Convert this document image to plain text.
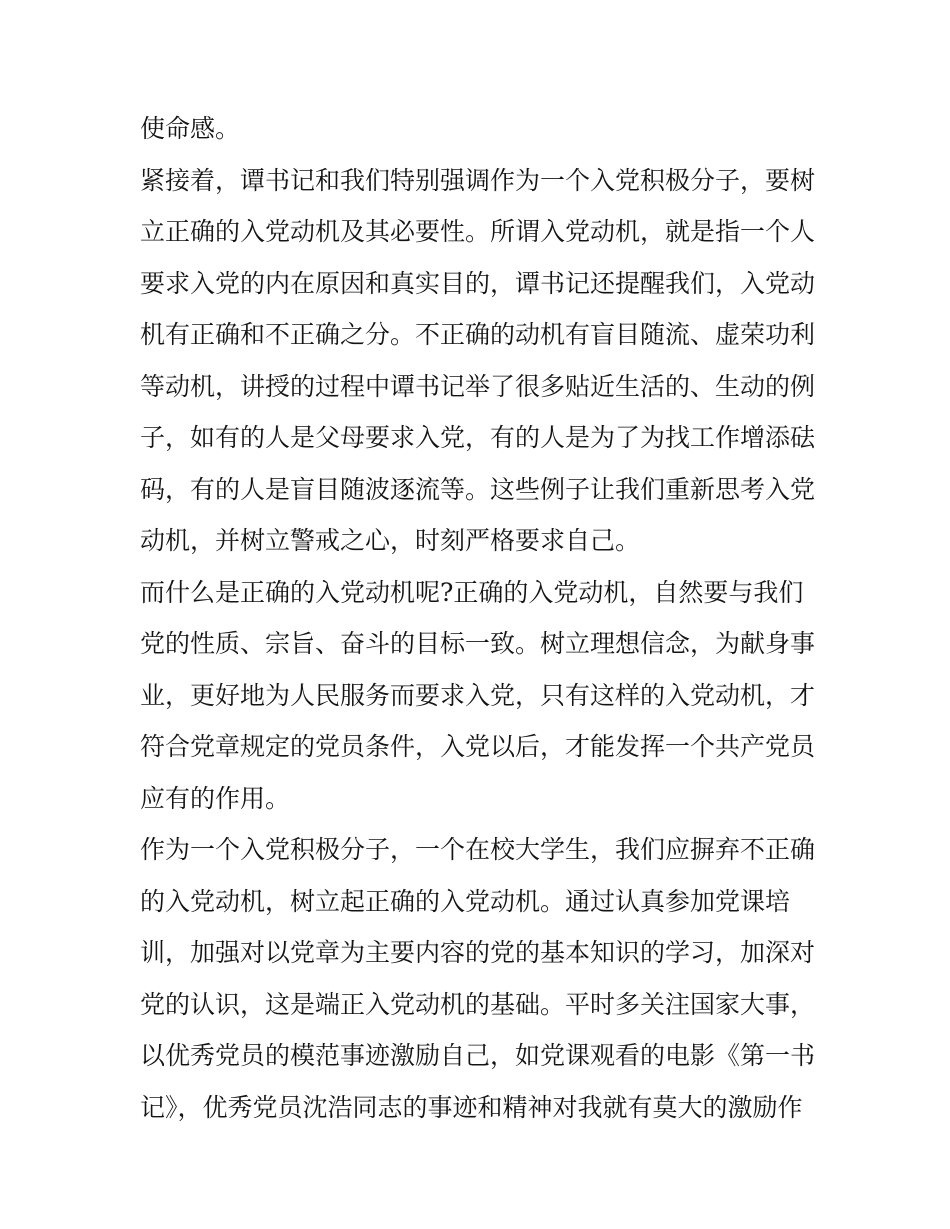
使命感。
紧接着，谭书记和我们特别强调作为一个入党积极分子，要树
立正确的入党动机及其必要性。所谓入党动机，就是指一个人
要求入党的内在原因和真实目的，谭书记还提醒我们，入党动
机有正确和不正确之分。不正确的动机有盲目随流、虚荣功利
等动机，讲授的过程中谭书记举了很多贴近生活的、生动的例
子，如有的人是父母要求入党，有的人是为了为找工作增添砝
码，有的人是盲目随波逐流等。这些例子让我们重新思考入党
动机，并树立警戒之心，时刻严格要求自己。
而什么是正确的入党动机呢?正确的入党动机，自然要与我们
党的性质、宗旨、奋斗的目标一致。树立理想信念，为献身事
业，更好地为人民服务而要求入党，只有这样的入党动机，才
符合党章规定的党员条件，入党以后，才能发挥一个共产党员
应有的作用。
作为一个入党积极分子，一个在校大学生，我们应摒弃不正确
的入党动机，树立起正确的入党动机。通过认真参加党课培
训，加强对以党章为主要内容的党的基本知识的学习，加深对
党的认识，这是端正入党动机的基础。平时多关注国家大事，
以优秀党员的模范事迹激励自己，如党课观看的电影《第一书
记》，优秀党员沈浩同志的事迹和精神对我就有莫大的激励作
